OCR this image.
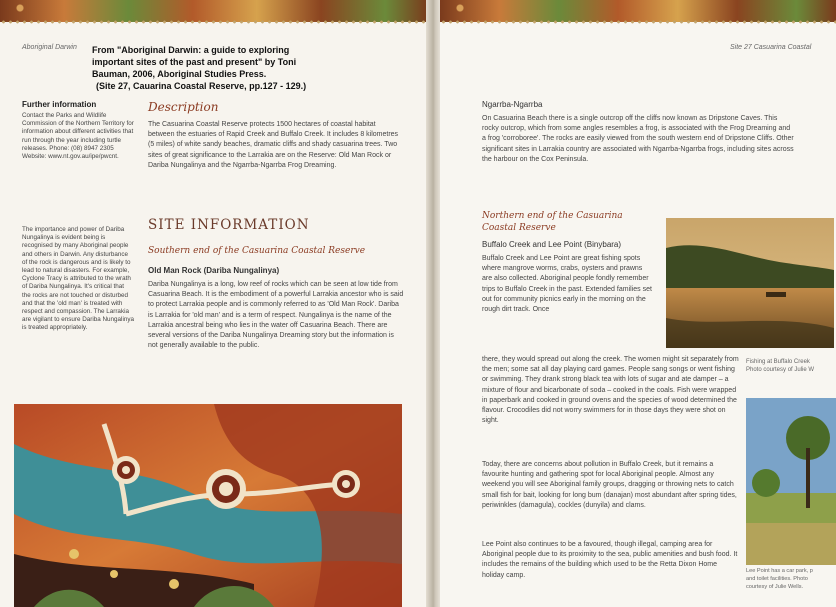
Aboriginal Darwin From "Aboriginal Darwin: a guide to exploring
important sites of the past and present" by Toni
Bauman, 2006, Aboriginal Studies Press.
(Site 27, Cauarina Coastal Reserve, pp.127 - 129.)
Further information
Contact the Parks and Wildlife Commission of the Northern Territory for information about different activities that run through the year including turtle releases. Phone: (08) 8947 2305 Website: www.nt.gov.au/ipe/pwcnt.
The importance and power of Dariba Nungalinya is evident being is recognised by many Aboriginal people and others in Darwin. Any disturbance of the rock is dangerous and is likely to lead to natural disasters. For example, Cyclone Tracy is attributed to the wrath of Dariba Nungalinya. It's critical that the rocks are not touched or disturbed and that the 'old man' is treated with respect and compassion. The Larrakia are vigilant to ensure Dariba Nungalinya is treated appropriately.
Description
The Casuarina Coastal Reserve protects 1500 hectares of coastal habitat between the estuaries of Rapid Creek and Buffalo Creek. It includes 8 kilometres (5 miles) of white sandy beaches, dramatic cliffs and shady casuarina trees. Two sites of great significance to the Larrakia are on the Reserve: Old Man Rock or Dariba Nungalinya and the Ngarrba-Ngarrba Frog Dreaming.
SITE INFORMATION
Southern end of the Casuarina Coastal Reserve
Old Man Rock (Dariba Nungalinya)
Dariba Nungalinya is a long, low reef of rocks which can be seen at low tide from Casuarina Beach. It is the embodiment of a powerful Larrakia ancestor who is said to protect Larrakia people and is commonly referred to as 'Old Man Rock'. Dariba is Larrakia for 'old man' and is a term of respect. Nungalinya is the name of the Larrakia ancestral being who lies in the water off Casuarina Beach. There are several versions of the Dariba Nungalinya Dreaming story but the information is not generally available to the public.
Site 27 Casuarina Coastal
Ngarrba-Ngarrba
On Casuarina Beach there is a single outcrop off the cliffs now known as Dripstone Caves. This rocky outcrop, which from some angles resembles a frog, is associated with the Frog Dreaming and a frog 'corroboree'. The rocks are easily viewed from the south western end of Dripstone Cliffs. Other significant sites in Larrakia country are associated with Ngarrba-Ngarrba frogs, including sites across the harbour on the Cox Peninsula.
Northern end of the Casuarina
Coastal Reserve
Buffalo Creek and Lee Point (Binybara)
Buffalo Creek and Lee Point are great fishing spots where mangrove worms, crabs, oysters and prawns are also collected. Aboriginal people fondly remember trips to Buffalo Creek in the past. Extended families set out for community picnics early in the morning on the rough dirt track. Once
there, they would spread out along the creek. The women might sit separately from the men; some sat all day playing card games. People sang songs or went fishing or swimming. They drank strong black tea with lots of sugar and ate damper – a mixture of flour and bicarbonate of soda – cooked in the coals. Fish were wrapped in paperbark and cooked in ground ovens and the species of wood determined the flavour. Crocodiles did not worry swimmers for in those days they were shot on sight.
Today, there are concerns about pollution in Buffalo Creek, but it remains a favourite hunting and gathering spot for local Aboriginal people. Almost any weekend you will see Aboriginal family groups, dragging or throwing nets to catch small fish for bait, looking for long bum (danajan) most abundant after spring tides, periwinkles (damagula), cockles (dunyila) and clams.
Lee Point also continues to be a favoured, though illegal, camping area for Aboriginal people due to its proximity to the sea, public amenities and bush food. It includes the remains of the building which used to be the Retta Dixon Home holiday camp.
Fishing at Buffalo Creek
Photo courtesy of Julie W
Lee Point has a car park, p
and toilet facilities. Photo
courtesy of Julie Wells.
